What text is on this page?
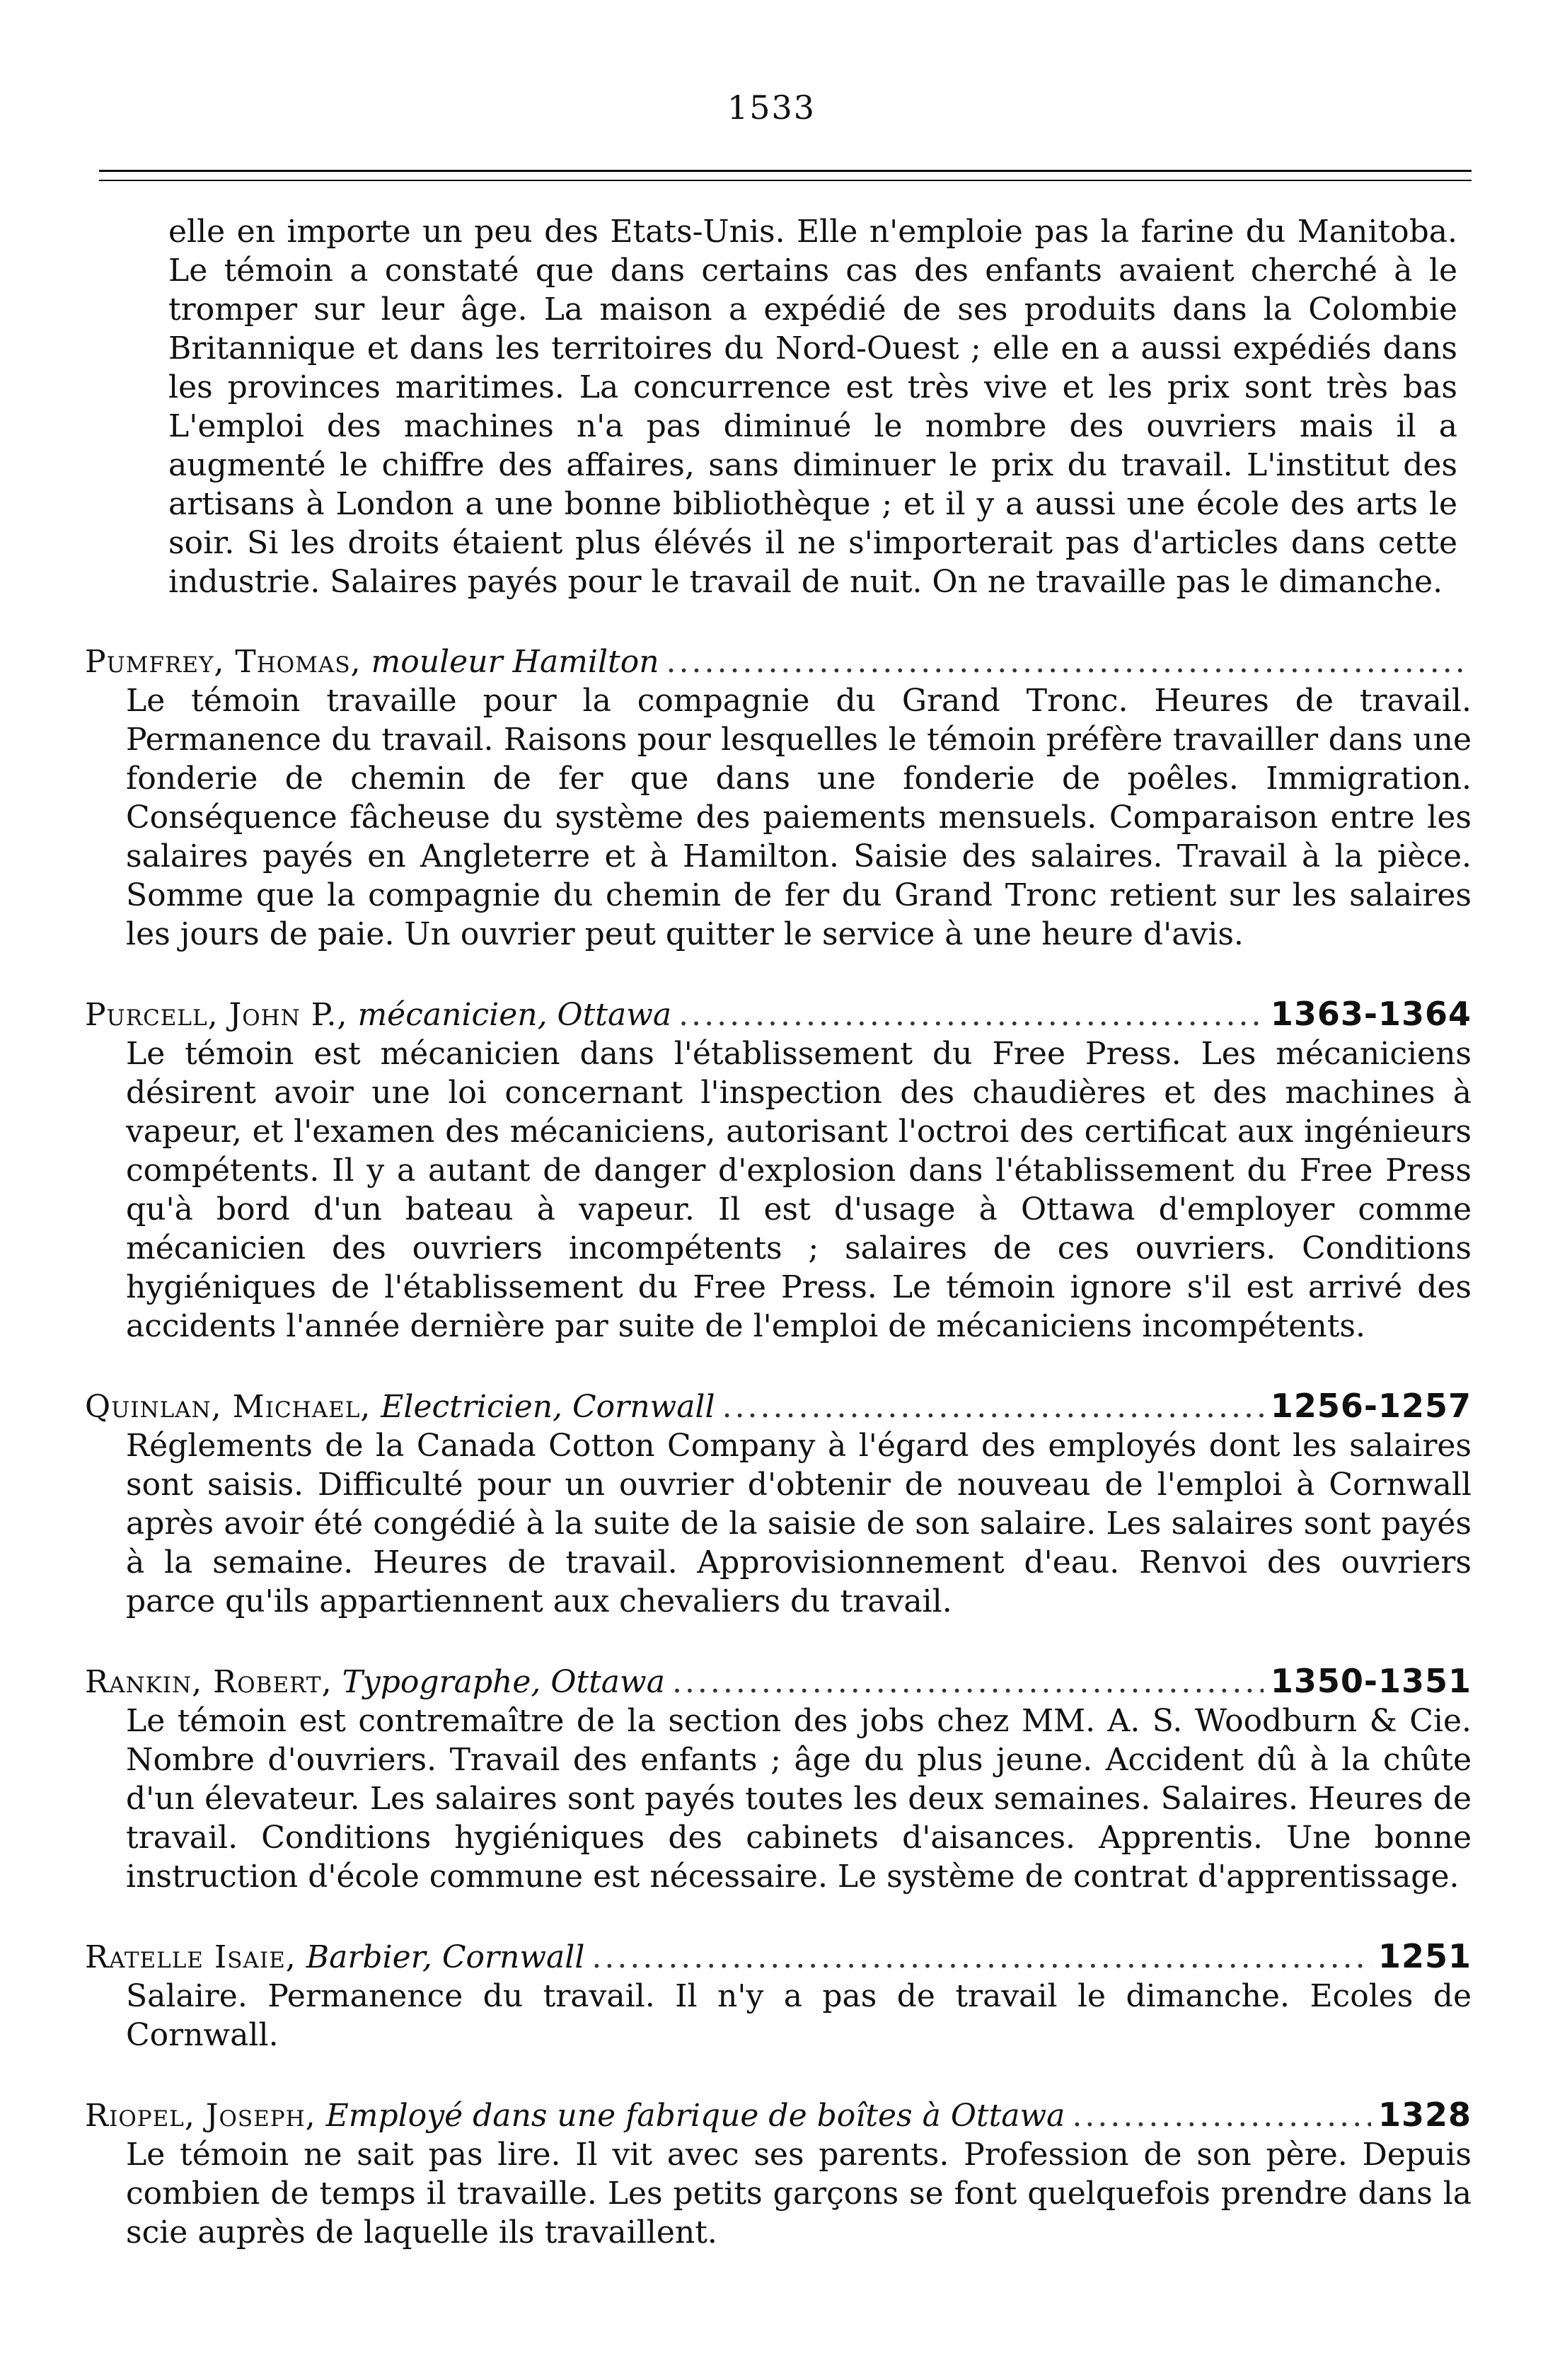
1533

elle en importe un peu des Etats-Unis. Elle n'emploie pas la farine du Manitoba. Le témoin a constaté que dans certains cas des enfants avaient cherché à le tromper sur leur âge. La maison a expédié de ses produits dans la Colombie Britannique et dans les territoires du Nord-Ouest ; elle en a aussi expédiés dans les provinces maritimes. La concurrence est très vive et les prix sont très bas L'emploi des machines n'a pas diminué le nombre des ouvriers mais il a augmenté le chiffre des affaires, sans diminuer le prix du travail. L'institut des artisans à London a une bonne bibliothèque ; et il y a aussi une école des arts le soir. Si les droits étaient plus élévés il ne s'importerait pas d'articles dans cette industrie. Salaires payés pour le travail de nuit. On ne travaille pas le dimanche.

Pumfrey, Thomas,
mouleur Hamilton
.....

Le témoin travaille pour la compagnie du Grand Tronc. Heures de travail. Permanence du travail. Raisons pour lesquelles le témoin préfère travailler dans une fonderie de chemin de fer que dans une fonderie de poêles. Immigration. Conséquence fâcheuse du système des paiements mensuels. Comparaison entre les salaires payés en Angleterre et à Hamilton. Saisie des salaires. Travail à la pièce. Somme que la compagnie du chemin de fer du Grand Tronc retient sur les salaires les jours de paie. Un ouvrier peut quitter le service à une heure d'avis.

Purcell, John P.,
mécanicien, Ottawa .....	1363-1364

Le témoin est mécanicien dans l'établissement du Free Press. Les mécaniciens désirent avoir une loi concernant l'inspection des chaudières et des machines à vapeur, et l'examen des mécaniciens, autorisant l'octroi des certificat aux ingénieurs compétents. Il y a autant de danger d'explosion dans l'établissement du Free Press qu'à bord d'un bateau à vapeur. Il est d'usage à Ottawa d'employer comme mécanicien des ouvriers incompétents ; salaires de ces ouvriers. Conditions hygiéniques de l'établissement du Free Press. Le témoin ignore s'il est arrivé des accidents l'année dernière par suite de l'emploi de mécaniciens incompétents.

Quinlan, Michael,
Electricien, Cornwall .....	1256-1257

Réglements de la Canada Cotton Company à l'égard des employés dont les salaires sont saisis. Difficulté pour un ouvrier d'obtenir de nouveau de l'emploi à Cornwall après avoir été congédié à la suite de la saisie de son salaire. Les salaires sont payés à la semaine. Heures de travail. Approvisionnement d'eau. Renvoi des ouvriers parce qu'ils appartiennent aux chevaliers du travail.

Rankin, Robert,
Typographe, Ottawa .....	1350-1351

Le témoin est contremaître de la section des jobs chez MM. A. S. Woodburn & Cie. Nombre d'ouvriers. Travail des enfants ; âge du plus jeune. Accident dû à la chûte d'un élevateur. Les salaires sont payés toutes les deux semaines. Salaires. Heures de travail. Conditions hygiéniques des cabinets d'aisances. Apprentis. Une bonne instruction d'école commune est nécessaire. Le système de contrat d'apprentissage.

Ratelle Isaie,
Barbier, Cornwall .....	1251

Salaire. Permanence du travail. Il n'y a pas de travail le dimanche. Ecoles de Cornwall.

Riopel, Joseph,
Employé dans une fabrique de boîtes à Ottawa .....	1328

Le témoin ne sait pas lire. Il vit avec ses parents. Profession de son père. Depuis combien de temps il travaille. Les petits garçons se font quelquefois prendre dans la scie auprès de laquelle ils travaillent.
